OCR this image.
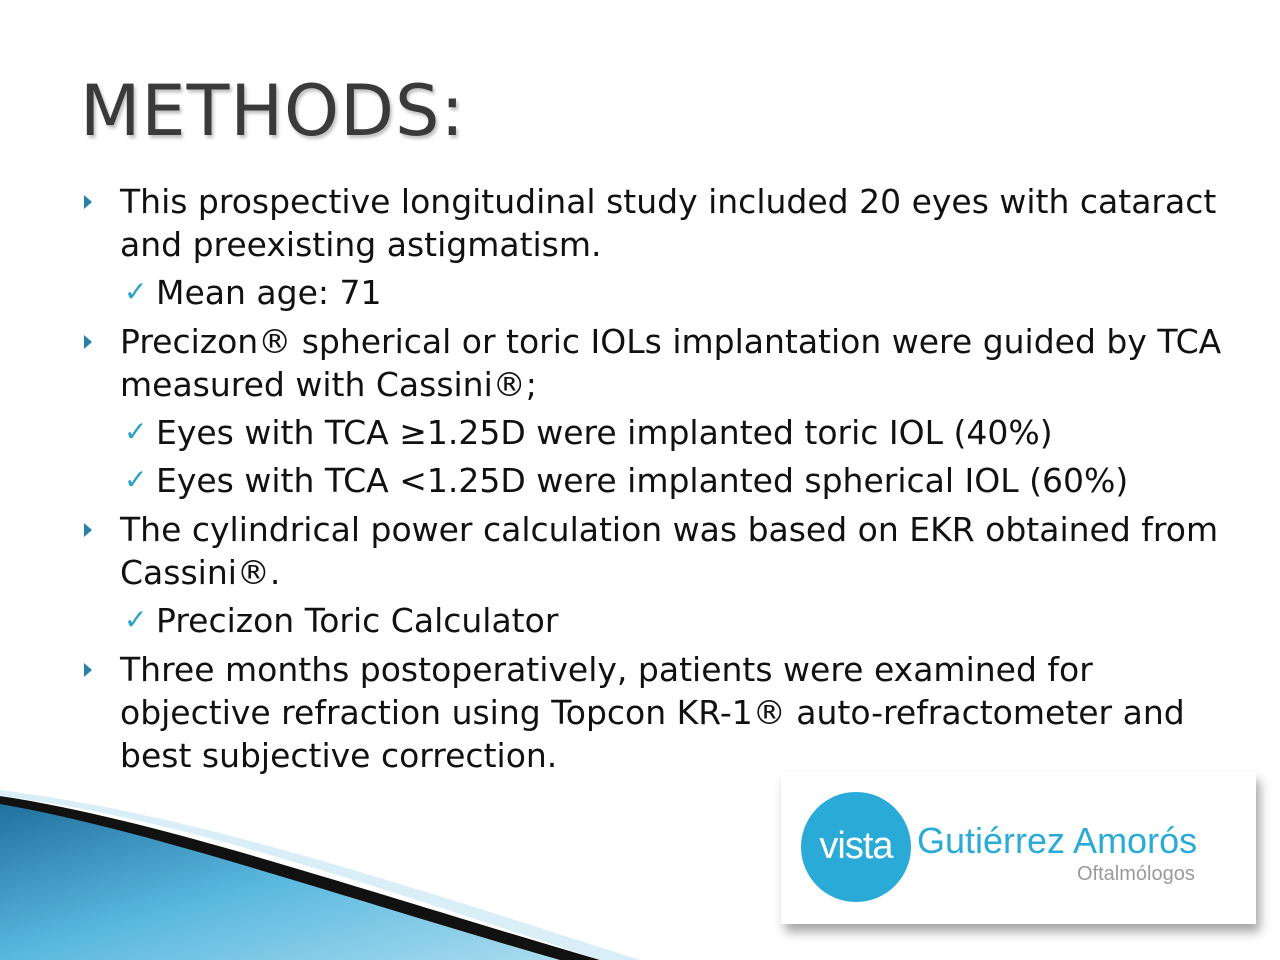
METHODS:
This prospective longitudinal study included 20 eyes with cataract and preexisting astigmatism.
✓ Mean age: 71
Precizon® spherical or toric IOLs implantation were guided by TCA measured with Cassini®;
✓ Eyes with TCA ≥1.25D were implanted toric IOL (40%)
✓ Eyes with TCA <1.25D were implanted spherical IOL (60%)
The cylindrical power calculation was based on EKR obtained from Cassini®.
✓ Precizon Toric Calculator
Three months postoperatively, patients were examined for objective refraction using Topcon KR-1® auto-refractometer and best subjective correction.
vista Gutiérrez Amorós
Oftalmólogos
